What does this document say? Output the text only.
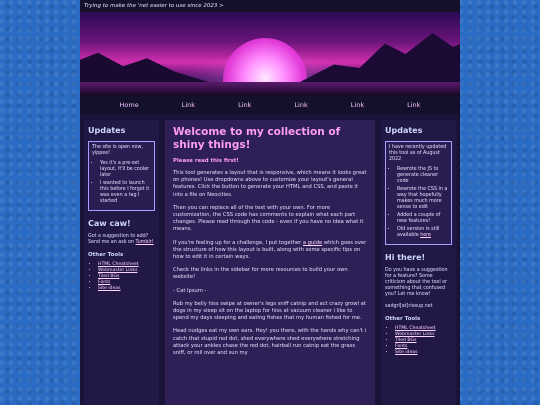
Trying to make the 'net easier to use since 2023 >
Home	Link	Link	Link	Link	Link
Updates

The site is open now, yippee!

• Yes it's a pre-set layout, it'll be cooler later
• I wanted to launch this before I forgot it was even a tag I started
Caw caw!

Got a suggestion to add? Send me an ask on Tumblr!

Other Tools
• HTML Cheatsheet
• Webmaster Links
• Tiled BGs
• Fonts
• Site ideas
Welcome to my collection of shiny things!
Please read this first!

This tool generates a layout that is responsive, which means it looks great on phones! Use dropdowns above to customize your layout's general features. Click the button to generate your HTML and CSS, and paste it into a file on Neocities.

Then you can replace all of the text with your own. For more customization, the CSS code has comments to explain what each part changes. Please read through the code - even if you have no idea what it means.

If you're feeling up for a challenge, I put together a guide which goes over the structure of how this layout is built, along with some specific tips on how to edit it in certain ways.

Check the links in the sidebar for more resources to build your own website!

- Cat Ipsum -

Rub my belly hiss swipe at owner's legs sniff catnip and act crazy growl at dogs in my sleep sit on the laptop for hiss at vacuum cleaner i like to spend my days sleeping and eating fishes that my human fished for me.

Head nudges eat my own ears. Hey! you there, with the hands why can't i catch that stupid red dot, shed everywhere shed everywhere stretching attack your ankles chase the red dot, hairball run catnip eat the grass sniff, or roll over and sun my

Updates

I have recently updated this tool as of August 2022

• Rewrote the JS to generate cleaner code
• Rewrote the CSS in a way that hopefully makes much more sense to edit
• Added a couple of new features!
• Old version is still available here
Hi there!

Do you have a suggestion for a feature? Some criticism about the tool or something that confused you? Let me know!

sadgrl[at]riseup.net

Other Tools
• HTML Cheatsheet
• Webmaster Links
• Tiled BGs
• Fonts
• Site ideas
